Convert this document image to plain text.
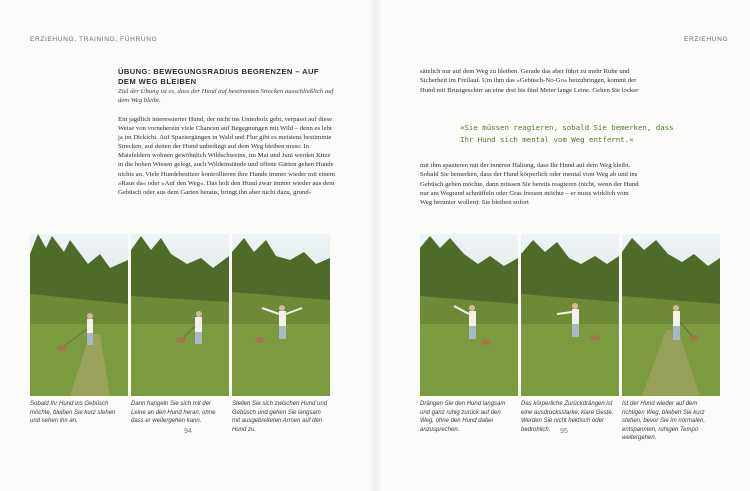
ERZIEHUNG, TRAINING, FÜHRUNG	ERZIEHUNG
ÜBUNG: BEWEGUNGSRADIUS BEGRENZEN – AUF DEM WEG BLEIBEN
Ziel der Übung ist es, dass der Hund auf bestimmten Strecken ausschließlich auf dem Weg bleibt.
Ein jagdlich interessierter Hund, der nicht ins Unterholz geht, verpasst auf diese Weise von vorneherein viele Chancen auf Begegnungen mit Wild – denn es lebt ja im Dickicht. Auf Spaziergängen in Wald und Flur gibt es meistens bestimmte Strecken, auf denen der Hund unbedingt auf dem Weg bleiben muss: In Maisfeldern wohnen gewöhnlich Wildschweine, im Mai und Juni werden Kitze in die hohen Wiesen gelegt, auch Wildeinstände und offene Gärten gehen Hunde nichts an. Viele Hundebesitzer kontrollieren ihre Hunde immer wieder mit einem »Raus da« oder »Auf den Weg«. Das holt den Hund zwar immer wieder aus dem Gebüsch oder aus dem Garten heraus, bringt ihn aber nicht dazu, grund-
sätzlich nur auf dem Weg zu bleiben. Gerade das aber führt zu mehr Ruhe und Sicherheit im Freilauf. Um ihm das »Gebüsch-No-Go« beizubringen, kommt der Hund mit Brustgeschirr an eine drei bis fünf Meter lange Leine. Gehen Sie locker
»Sie müssen reagieren, sobald Sie bemerken, dass Ihr Hund sich mental vom Weg entfernt.«
mit ihm spazieren mit der inneren Haltung, dass Ihr Hund auf dem Weg bleibt. Sobald Sie bemerken, dass der Hund körperlich oder mental vom Weg ab und ins Gebüsch gehen möchte, dann müssen Sie bereits reagieren (nicht, wenn der Hund nur am Wegrand schnüffeln oder Gras fressen möchte – er muss wirklich vom Weg herunter wollen): Sie bleiben sofort
Sobald Ihr Hund ins Gebüsch möchte, bleiben Sie kurz stehen und sehen ihn an.
Dann hangeln Sie sich mit der Leine an den Hund heran, ohne dass er weitergehen kann.
Stellen Sie sich zwischen Hund und Gebüsch und gehen Sie langsam mit ausgebreiteten Armen auf den Hund zu.
Drängen Sie den Hund langsam und ganz ruhig zurück auf den Weg, ohne den Hund dabei anzusprechen.
Das körperliche Zurückdrängen ist eine ausdrucksstarke, klare Geste. Werden Sie nicht hektisch oder bedrohlich.
Ist der Hund wieder auf dem richtigen Weg, bleiben Sie kurz stehen, bevor Sie im normalen, entspannten, ruhigen Tempo weitergehen.
94	95
